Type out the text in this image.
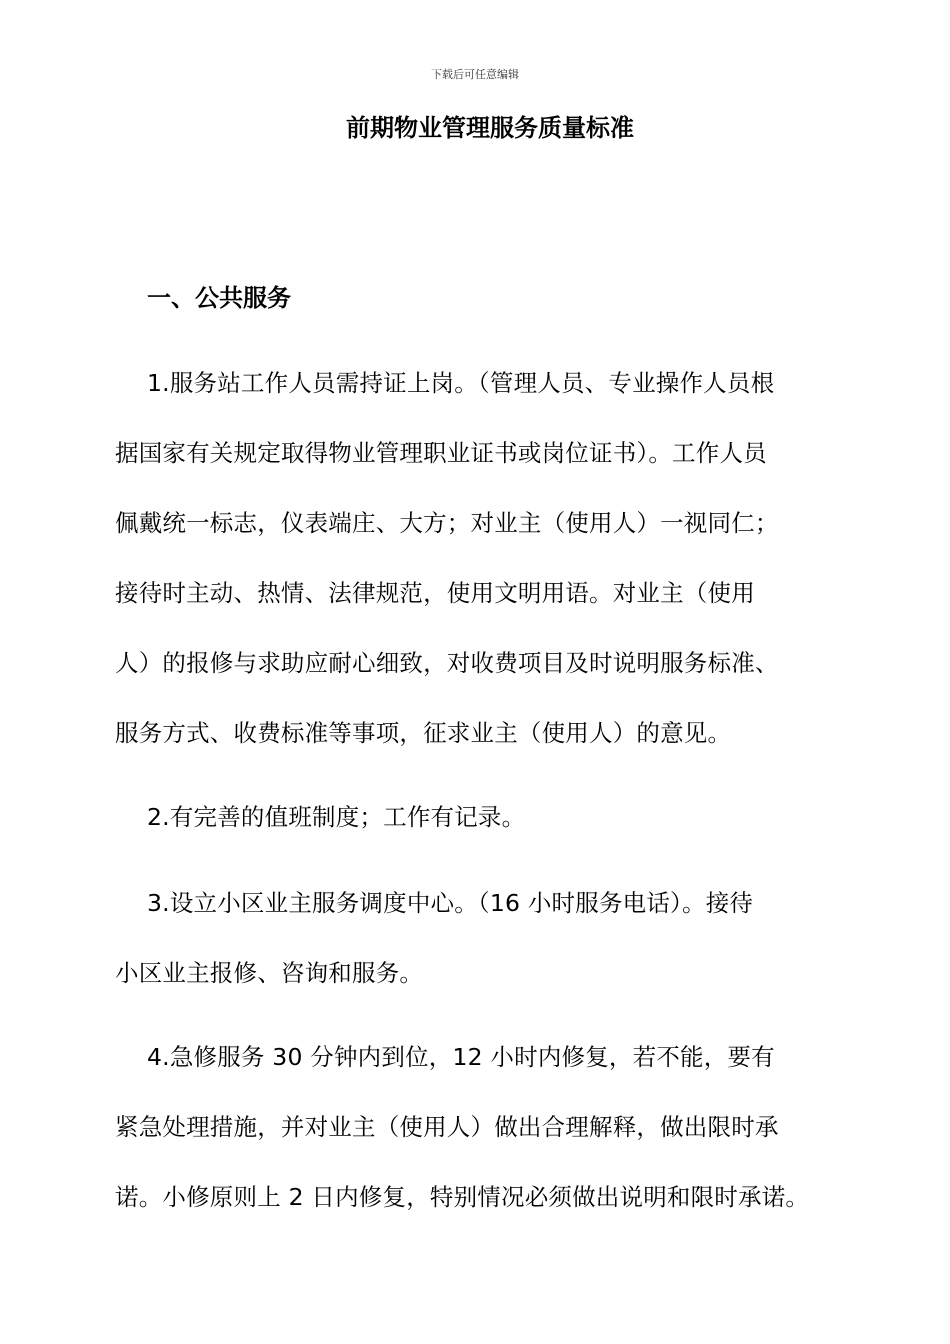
下载后可任意编辑
前期物业管理服务质量标准
一、公共服务
1.服务站工作人员需持证上岗。（管理人员、专业操作人员根
据国家有关规定取得物业管理职业证书或岗位证书）。工作人员
佩戴统一标志，仪表端庄、大方；对业主（使用人）一视同仁；
接待时主动、热情、法律规范，使用文明用语。对业主（使用
人）的报修与求助应耐心细致，对收费项目及时说明服务标准、
服务方式、收费标准等事项，征求业主（使用人）的意见。
2.有完善的值班制度；工作有记录。
3.设立小区业主服务调度中心。（16 小时服务电话）。接待
小区业主报修、咨询和服务。
4.急修服务 30 分钟内到位，12 小时内修复，若不能，要有
紧急处理措施，并对业主（使用人）做出合理解释，做出限时承
诺。小修原则上 2 日内修复，特别情况必须做出说明和限时承诺。
